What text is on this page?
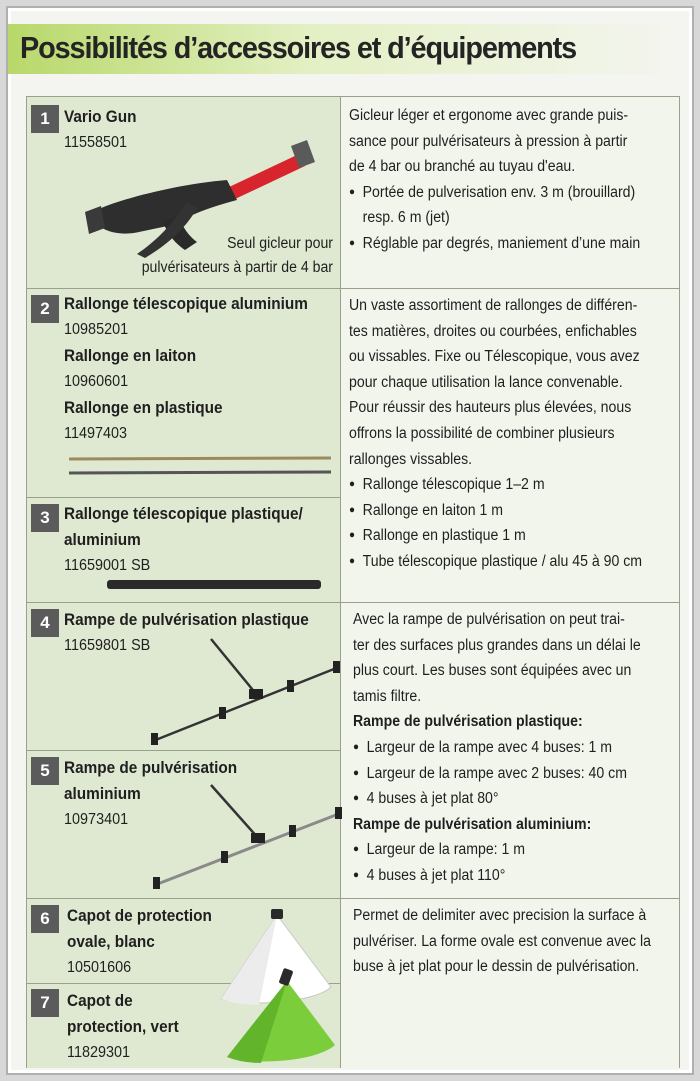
Possibilités d’accessoires et d’équipements
1 Vario Gun
11558501
Seul gicleur pour
pulvérisateurs à partir de 4 bar
2 Rallonge télescopique aluminium
10985201
Rallonge en laiton
10960601
Rallonge en plastique
11497403
3 Rallonge télescopique plastique/
aluminium
11659001 SB
4 Rampe de pulvérisation plastique
11659801 SB
5 Rampe de pulvérisation
aluminium
10973401
6	Capot de protection
ovale, blanc
10501606
7	Capot de
protection, vert
11829301
Gicleur léger et ergonome avec grande puis-
sance pour pulvérisateurs à pression à partir
de 4 bar ou branché au tuyau d'eau.
● Portée de pulverisation env. 3 m (brouillard)
resp. 6 m (jet)
● Réglable par degrés, maniement d’une main
Un vaste assortiment de rallonges de différen-
tes matières, droites ou courbées, enfichables
ou vissables. Fixe ou Télescopique, vous avez
pour chaque utilisation la lance convenable.
Pour réussir des hauteurs plus élevées, nous
offrons la possibilité de combiner plusieurs
rallonges vissables.
● Rallonge télescopique 1–2 m
● Rallonge en laiton 1 m
● Rallonge en plastique 1 m
● Tube télescopique plastique / alu 45 à 90 cm
Avec la rampe de pulvérisation on peut trai-
ter des surfaces plus grandes dans un délai le
plus court. Les buses sont équipées avec un
tamis filtre.
Rampe de pulvérisation plastique:
● Largeur de la rampe avec 4 buses: 1 m
● Largeur de la rampe avec 2 buses: 40 cm
● 4 buses à jet plat 80°
Rampe de pulvérisation aluminium:
● Largeur de la rampe: 1 m
● 4 buses à jet plat 110°
Permet de delimiter avec precision la surface à
pulvériser. La forme ovale est convenue avec la
buse à jet plat pour le dessin de pulvérisation.
